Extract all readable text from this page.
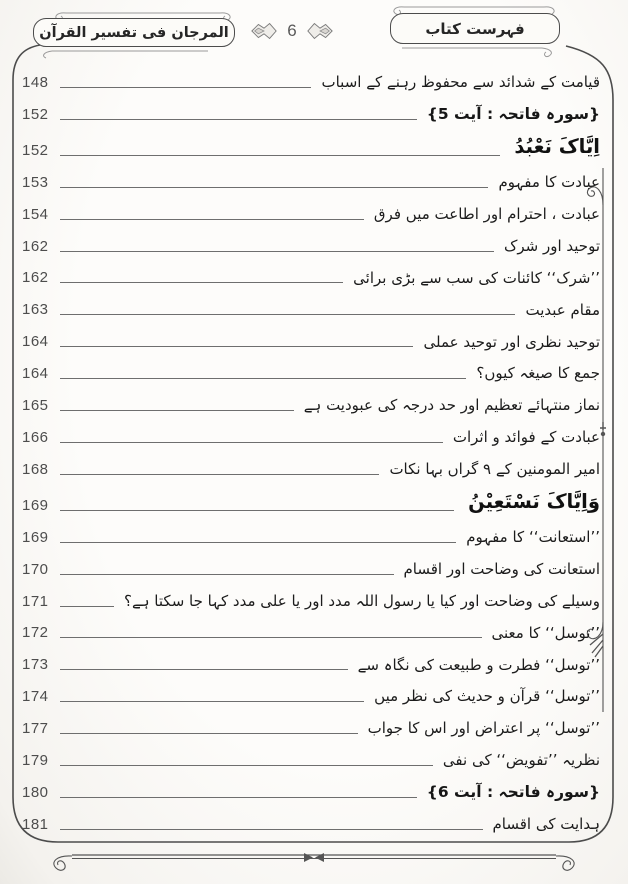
المرجان فی تفسیر القرآن	6	فہرست کتاب
148	قیامت کے شدائد سے محفوظ رہنے کے اسباب
152	{سورہ فاتحہ : آیت 5}
152	اِیَّاکَ نَعْبُدُ
153	عبادت کا مفہوم
154	عبادت ، احترام اور اطاعت میں فرق
162	توحید اور شرک
162	’’شرک‘‘ کائنات کی سب سے بڑی برائی
163	مقام عبدیت
164	توحید نظری اور توحید عملی
164	جمع کا صیغہ کیوں؟
165	نماز منتہائے تعظیم اور حد درجہ کی عبودیت ہے
166	عبادت کے فوائد و اثرات
168	امیر المومنین کے ۹ گراں بہا نکات
169	وَاِیَّاکَ نَسْتَعِیْنُ
169	’’استعانت‘‘ کا مفہوم
170	استعانت کی وضاحت اور اقسام
171	وسیلے کی وضاحت اور کیا یا رسول اللہ مدد اور یا علی مدد کہا جا سکتا ہے؟
172	’’توسل‘‘ کا معنی
173	’’توسل‘‘ فطرت و طبیعت کی نگاہ سے
174	’’توسل‘‘ قرآن و حدیث کی نظر میں
177	’’توسل‘‘ پر اعتراض اور اس کا جواب
179	نظریہ ’’تفویض‘‘ کی نفی
180	{سورہ فاتحہ : آیت 6}
181	ہدایت کی اقسام
